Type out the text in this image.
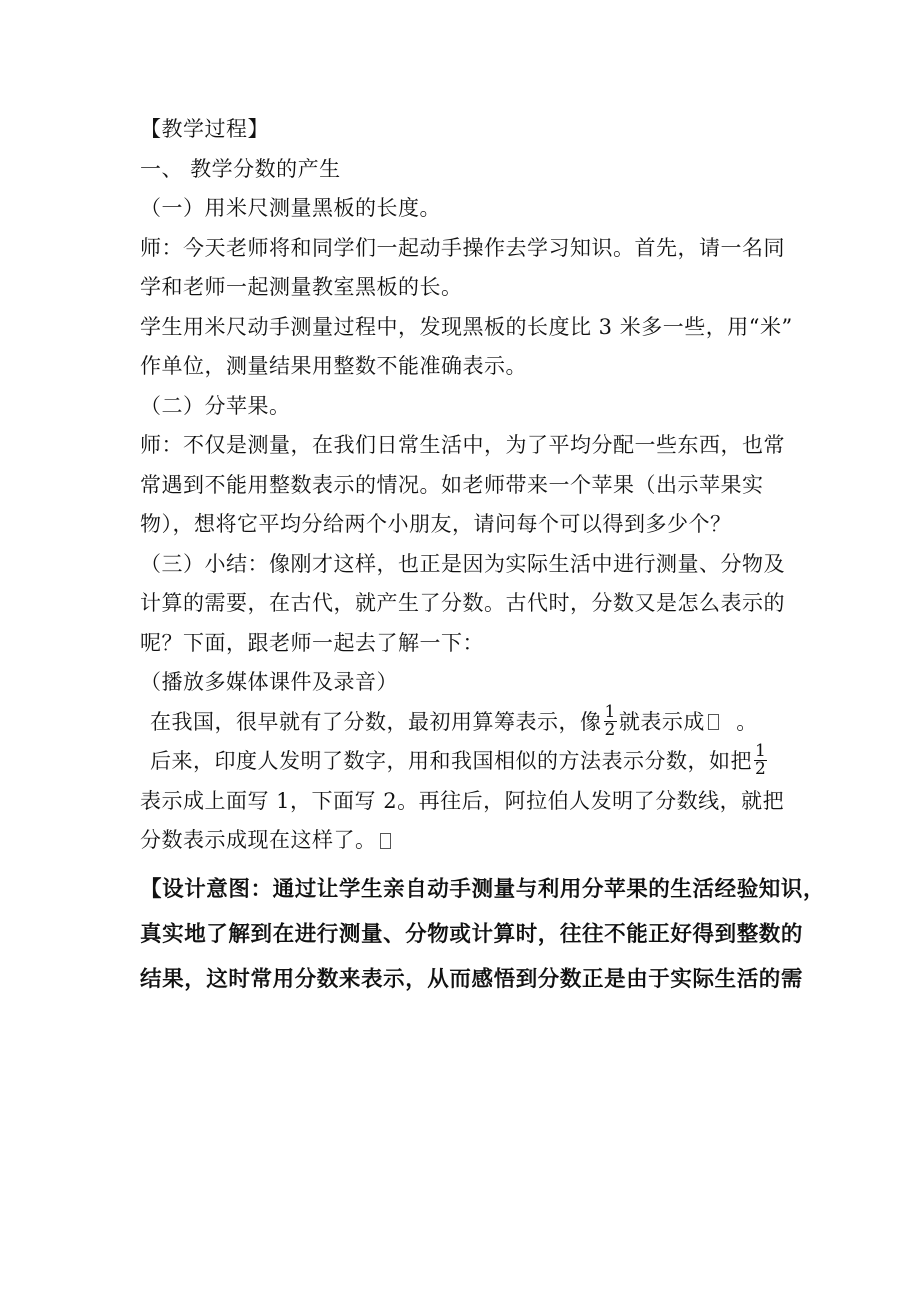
【教学过程】
一、 教学分数的产生
（一）用米尺测量黑板的长度。
师：今天老师将和同学们一起动手操作去学习知识。首先，请一名同
学和老师一起测量教室黑板的长。
学生用米尺动手测量过程中，发现黑板的长度比 3 米多一些，用“米”
作单位，测量结果用整数不能准确表示。
（二）分苹果。
师：不仅是测量，在我们日常生活中，为了平均分配一些东西，也常
常遇到不能用整数表示的情况。如老师带来一个苹果（出示苹果实
物），想将它平均分给两个小朋友，请问每个可以得到多少个？
（三）小结：像刚才这样，也正是因为实际生活中进行测量、分物及
计算的需要，在古代，就产生了分数。古代时，分数又是怎么表示的
呢？下面，跟老师一起去了解一下：
（播放多媒体课件及录音）
在我国，很早就有了分数，最初用算筹表示，像 $\frac{1}{2}$ 就表示成 。
后来，印度人发明了数字，用和我国相似的方法表示分数，如把 $\frac{1}{2}$
表示成上面写 1，下面写 2。再往后，阿拉伯人发明了分数线，就把
分数表示成现在这样了。
【设计意图：通过让学生亲自动手测量与利用分苹果的生活经验知识，
真实地了解到在进行测量、分物或计算时，往往不能正好得到整数的
结果，这时常用分数来表示，从而感悟到分数正是由于实际生活的需
